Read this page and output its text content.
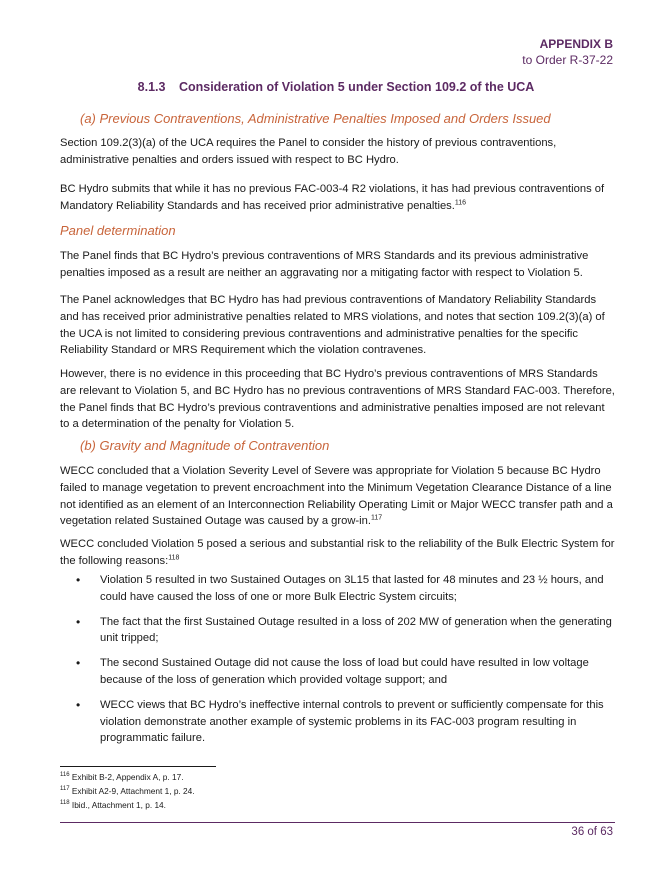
APPENDIX B
to Order R-37-22
8.1.3 Consideration of Violation 5 under Section 109.2 of the UCA
(a) Previous Contraventions, Administrative Penalties Imposed and Orders Issued

Section 109.2(3)(a) of the UCA requires the Panel to consider the history of previous contraventions, administrative penalties and orders issued with respect to BC Hydro.

BC Hydro submits that while it has no previous FAC-003-4 R2 violations, it has had previous contraventions of Mandatory Reliability Standards and has received prior administrative penalties.$^{116}$

Panel determination

The Panel finds that BC Hydro’s previous contraventions of MRS Standards and its previous administrative penalties imposed as a result are neither an aggravating nor a mitigating factor with respect to Violation 5.

The Panel acknowledges that BC Hydro has had previous contraventions of Mandatory Reliability Standards and has received prior administrative penalties related to MRS violations, and notes that section 109.2(3)(a) of the UCA is not limited to considering previous contraventions and administrative penalties for the specific Reliability Standard or MRS Requirement which the violation contravenes.

However, there is no evidence in this proceeding that BC Hydro’s previous contraventions of MRS Standards are relevant to Violation 5, and BC Hydro has no previous contraventions of MRS Standard FAC-003. Therefore, the Panel finds that BC Hydro’s previous contraventions and administrative penalties imposed are not relevant to a determination of the penalty for Violation 5.

(b) Gravity and Magnitude of Contravention

WECC concluded that a Violation Severity Level of Severe was appropriate for Violation 5 because BC Hydro failed to manage vegetation to prevent encroachment into the Minimum Vegetation Clearance Distance of a line not identified as an element of an Interconnection Reliability Operating Limit or Major WECC transfer path and a vegetation related Sustained Outage was caused by a grow-in.$^{117}$

WECC concluded Violation 5 posed a serious and substantial risk to the reliability of the Bulk Electric System for the following reasons:$^{118}$

• Violation 5 resulted in two Sustained Outages on 3L15 that lasted for 48 minutes and 23 ½ hours, and could have caused the loss of one or more Bulk Electric System circuits;
• The fact that the first Sustained Outage resulted in a loss of 202 MW of generation when the generating unit tripped;
• The second Sustained Outage did not cause the loss of load but could have resulted in low voltage because of the loss of generation which provided voltage support; and
• WECC views that BC Hydro’s ineffective internal controls to prevent or sufficiently compensate for this violation demonstrate another example of systemic problems in its FAC-003 program resulting in programmatic failure.
$^{116}$ Exhibit B-2, Appendix A, p. 17.
$^{117}$ Exhibit A2-9, Attachment 1, p. 24.
$^{118}$ Ibid., Attachment 1, p. 14.
36 of 63
